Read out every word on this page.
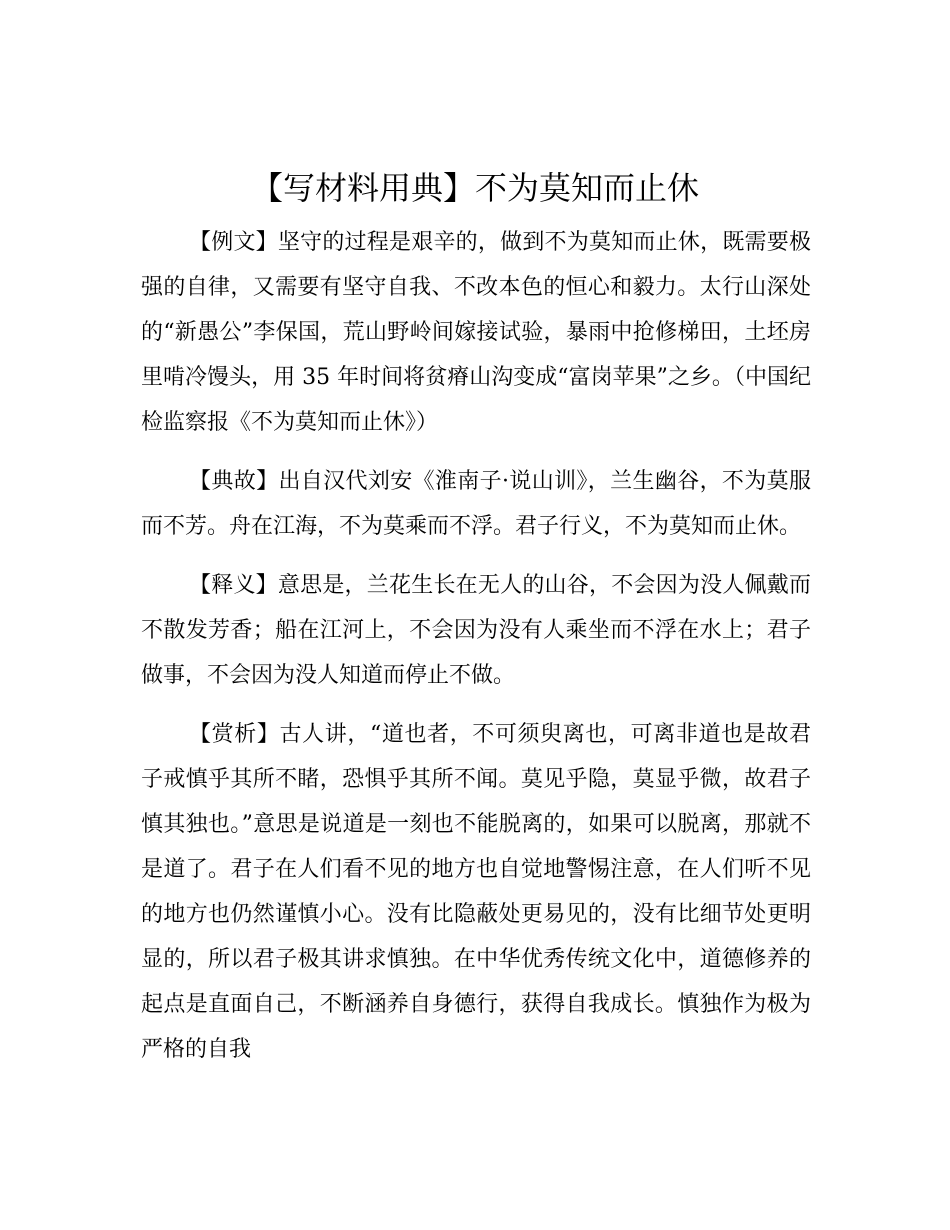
【写材料用典】不为莫知而止休

【例文】坚守的过程是艰辛的，做到不为莫知而止休，既需要极强的自律，又需要有坚守自我、不改本色的恒心和毅力。太行山深处的“新愚公”李保国，荒山野岭间嫁接试验，暴雨中抢修梯田，土坯房里啃冷馒头，用 35 年时间将贫瘠山沟变成“富岗苹果”之乡。（中国纪检监察报《不为莫知而止休》）

【典故】出自汉代刘安《淮南子·说山训》，兰生幽谷，不为莫服而不芳。舟在江海，不为莫乘而不浮。君子行义，不为莫知而止休。

【释义】意思是，兰花生长在无人的山谷，不会因为没人佩戴而不散发芳香；船在江河上，不会因为没有人乘坐而不浮在水上；君子做事，不会因为没人知道而停止不做。

【赏析】古人讲，“道也者，不可须臾离也，可离非道也是故君子戒慎乎其所不睹，恐惧乎其所不闻。莫见乎隐，莫显乎微，故君子慎其独也。”意思是说道是一刻也不能脱离的，如果可以脱离，那就不是道了。君子在人们看不见的地方也自觉地警惕注意，在人们听不见的地方也仍然谨慎小心。没有比隐蔽处更易见的，没有比细节处更明显的，所以君子极其讲求慎独。在中华优秀传统文化中，道德修养的起点是直面自己，不断涵养自身德行，获得自我成长。慎独作为极为严格的自我
